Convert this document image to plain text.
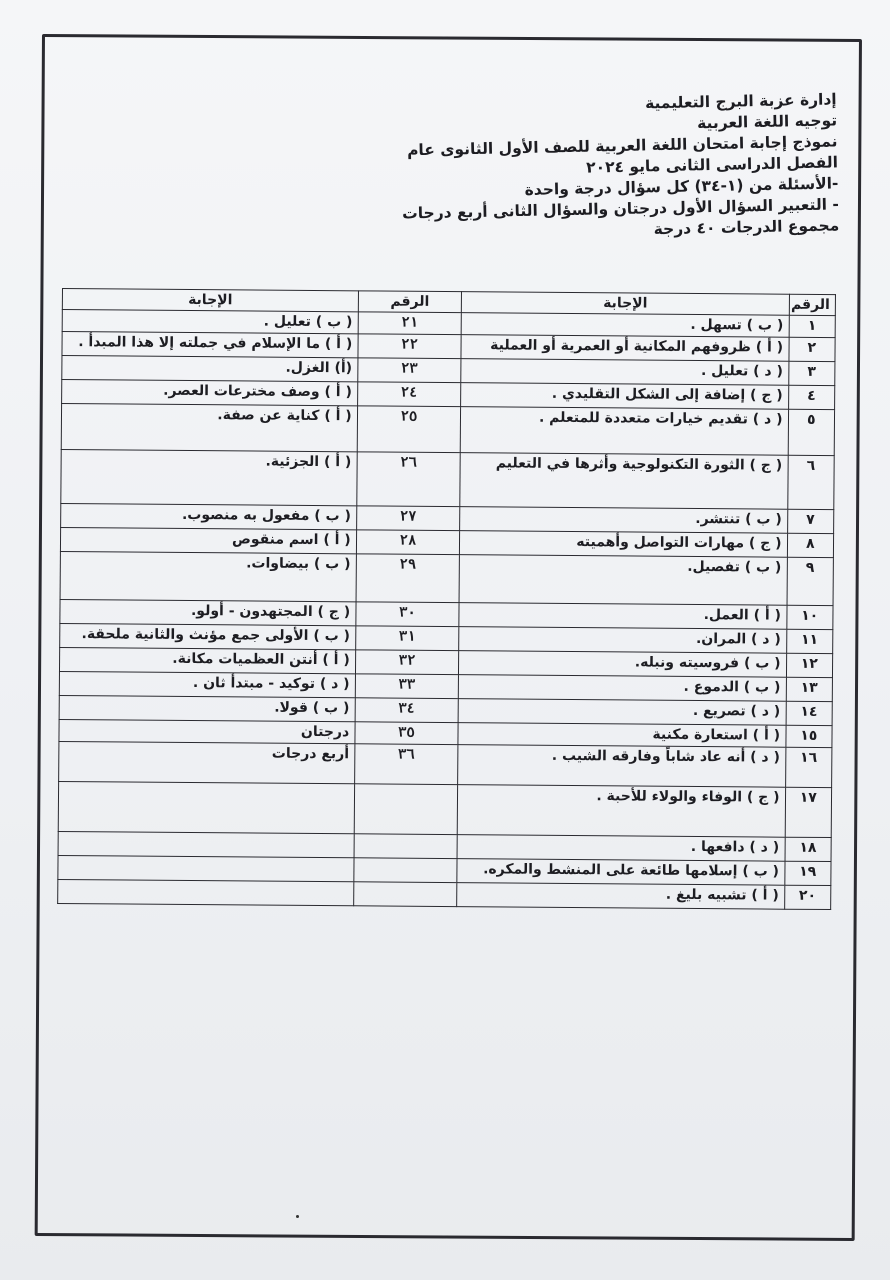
إدارة عزبة البرج التعليمية
توجيه اللغة العربية
نموذج إجابة امتحان اللغة العربية للصف الأول الثانوى عام
الفصل الدراسى الثانى مايو ٢٠٢٤
-الأسئلة من (١-٣٤) كل سؤال درجة واحدة
- التعبير السؤال الأول درجتان والسؤال الثانى أربع درجات
مجموع الدرجات ٤٠ درجة
الرقم	الإجابة	الرقم	الإجابة
١	( ب ) تسهل .	٢١	( ب ) تعليل .
٢	( أ ) ظروفهم المكانية أو العمرية أو العملية	٢٢	( أ ) ما الإسلام في جملته إلا هذا المبدأ .
٣	( د ) تعليل .	٢٣	(أ) الغزل.
٤	( ج ) إضافة إلى الشكل التقليدي .	٢٤	( أ ) وصف مخترعات العصر.
٥	( د ) تقديم خيارات متعددة للمتعلم .	٢٥	( أ ) كناية عن صفة.
٦	( ج ) الثورة التكنولوجية وأثرها في التعليم	٢٦	( أ ) الجزئية.
٧	( ب ) تنتشر.	٢٧	( ب ) مفعول به منصوب.
٨	( ج ) مهارات التواصل وأهميته	٢٨	( أ ) اسم منقوص
٩	( ب ) تفصيل.	٢٩	( ب ) بيضاوات.
١٠	( أ ) العمل.	٣٠	( ج ) المجتهدون - أولو.
١١	( د ) المران.	٣١	( ب ) الأولى جمع مؤنث والثانية ملحقة.
١٢	( ب ) فروسيته ونبله.	٣٢	( أ ) أنتن العظميات مكانة.
١٣	( ب ) الدموع .	٣٣	( د ) توكيد - مبتدأ ثان .
١٤	( د ) تصريع .	٣٤	( ب ) قولا.
١٥	( أ ) استعارة مكنية	٣٥	درجتان
١٦	( د ) أنه عاد شاباً وفارقه الشيب .	٣٦	أربع درجات
١٧	( ج ) الوفاء والولاء للأحبة .		
١٨	( د ) دافعها .		
١٩	( ب ) إسلامها طائعة على المنشط والمكره.		
٢٠	( أ ) تشبيه بليغ .		
